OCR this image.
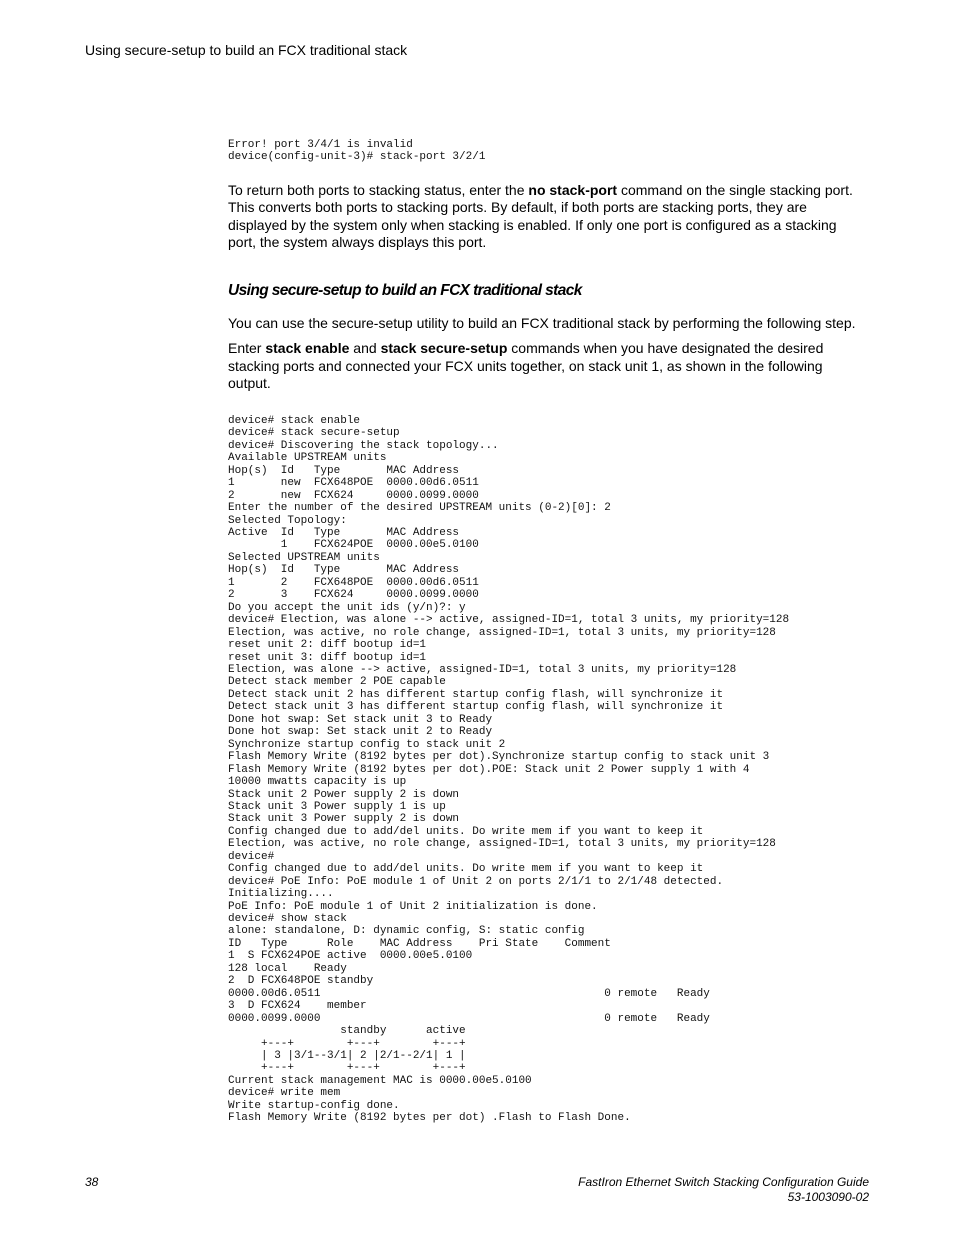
Using secure-setup to build an FCX traditional stack
Error! port 3/4/1 is invalid
device(config-unit-3)# stack-port 3/2/1

To return both ports to stacking status, enter the no stack-port command on the single stacking port. This converts both ports to stacking ports. By default, if both ports are stacking ports, they are displayed by the system only when stacking is enabled. If only one port is configured as a stacking port, the system always displays this port.

Using secure-setup to build an FCX traditional stack

You can use the secure-setup utility to build an FCX traditional stack by performing the following step.

Enter stack enable and stack secure-setup commands when you have designated the desired stacking ports and connected your FCX units together, on stack unit 1, as shown in the following output.

device# stack enable
device# stack secure-setup
device# Discovering the stack topology...
Available UPSTREAM units
Hop(s)  Id   Type       MAC Address
1       new  FCX648POE  0000.00d6.0511
2       new  FCX624     0000.0099.0000
Enter the number of the desired UPSTREAM units (0-2)[0]: 2
Selected Topology:
Active  Id   Type       MAC Address
1    FCX624POE  0000.00e5.0100
Selected UPSTREAM units
Hop(s)  Id   Type       MAC Address
1       2    FCX648POE  0000.00d6.0511
2       3    FCX624     0000.0099.0000
Do you accept the unit ids (y/n)?: y
device# Election, was alone --> active, assigned-ID=1, total 3 units, my priority=128
Election, was active, no role change, assigned-ID=1, total 3 units, my priority=128
reset unit 2: diff bootup id=1
reset unit 3: diff bootup id=1
Election, was alone --> active, assigned-ID=1, total 3 units, my priority=128
Detect stack member 2 POE capable
Detect stack unit 2 has different startup config flash, will synchronize it
Detect stack unit 3 has different startup config flash, will synchronize it
Done hot swap: Set stack unit 3 to Ready
Done hot swap: Set stack unit 2 to Ready
Synchronize startup config to stack unit 2
Flash Memory Write (8192 bytes per dot).Synchronize startup config to stack unit 3
Flash Memory Write (8192 bytes per dot).POE: Stack unit 2 Power supply 1 with 4
10000 mwatts capacity is up
Stack unit 2 Power supply 2 is down
Stack unit 3 Power supply 1 is up
Stack unit 3 Power supply 2 is down
Config changed due to add/del units. Do write mem if you want to keep it
Election, was active, no role change, assigned-ID=1, total 3 units, my priority=128
device#
Config changed due to add/del units. Do write mem if you want to keep it
device# PoE Info: PoE module 1 of Unit 2 on ports 2/1/1 to 2/1/48 detected.
Initializing....
PoE Info: PoE module 1 of Unit 2 initialization is done.
device# show stack
alone: standalone, D: dynamic config, S: static config
ID   Type      Role    MAC Address    Pri State    Comment
1  S FCX624POE active  0000.00e5.0100
128 local    Ready
2  D FCX648POE standby
0000.00d6.0511                                           0 remote   Ready
3  D FCX624    member
0000.0099.0000                                           0 remote   Ready
standby      active
+---+        +---+        +---+
| 3 |3/1--3/1| 2 |2/1--2/1| 1 |
+---+        +---+        +---+
Current stack management MAC is 0000.00e5.0100
device# write mem
Write startup-config done.
Flash Memory Write (8192 bytes per dot) .Flash to Flash Done.
38	FastIron Ethernet Switch Stacking Configuration Guide
53-1003090-02
